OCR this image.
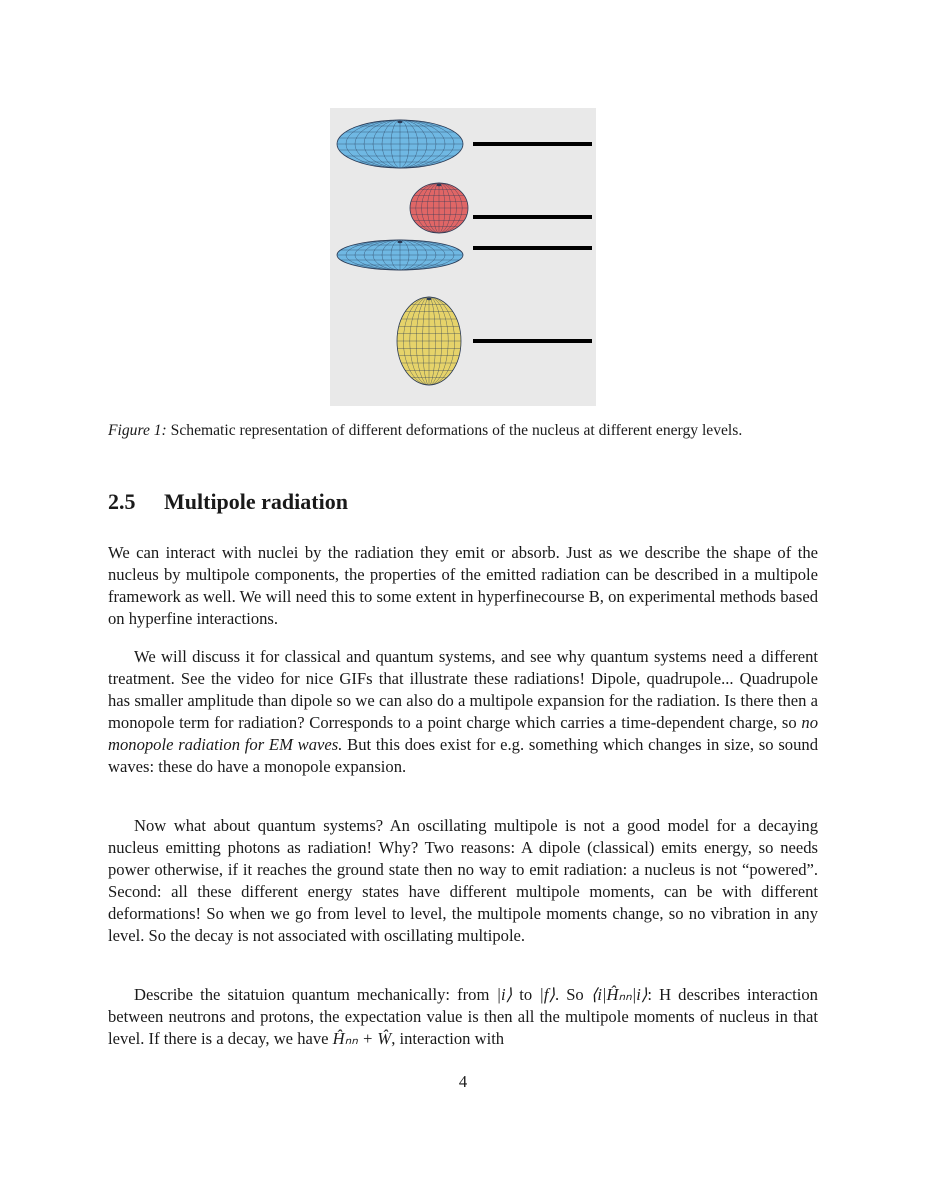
Figure 1: Schematic representation of different deformations of the nucleus at different energy levels.
2.5 Multipole radiation

We can interact with nuclei by the radiation they emit or absorb. Just as we describe the shape of the nucleus by multipole components, the properties of the emitted radiation can be described in a multipole framework as well. We will need this to some extent in hyperfinecourse B, on experimental methods based on hyperfine interactions.

We will discuss it for classical and quantum systems, and see why quantum systems need a different treatment. See the video for nice GIFs that illustrate these radiations! Dipole, quadrupole... Quadrupole has smaller amplitude than dipole so we can also do a multipole expansion for the radiation. Is there then a monopole term for radiation? Corresponds to a point charge which carries a time-dependent charge, so no monopole radiation for EM waves. But this does exist for e.g. something which changes in size, so sound waves: these do have a monopole expansion.

Now what about quantum systems? An oscillating multipole is not a good model for a decaying nucleus emitting photons as radiation! Why? Two reasons: A dipole (classical) emits energy, so needs power otherwise, if it reaches the ground state then no way to emit radiation: a nucleus is not “powered”. Second: all these different energy states have different multipole moments, can be with different deformations! So when we go from level to level, the multipole moments change, so no vibration in any level. So the decay is not associated with oscillating multipole.

Describe the sitatuion quantum mechanically: from |i⟩ to |f⟩. So ⟨i|Ĥₙₙ|i⟩: H describes interaction between neutrons and protons, the expectation value is then all the multipole moments of nucleus in that level. If there is a decay, we have Ĥₙₙ + Ŵ, interaction with

4
